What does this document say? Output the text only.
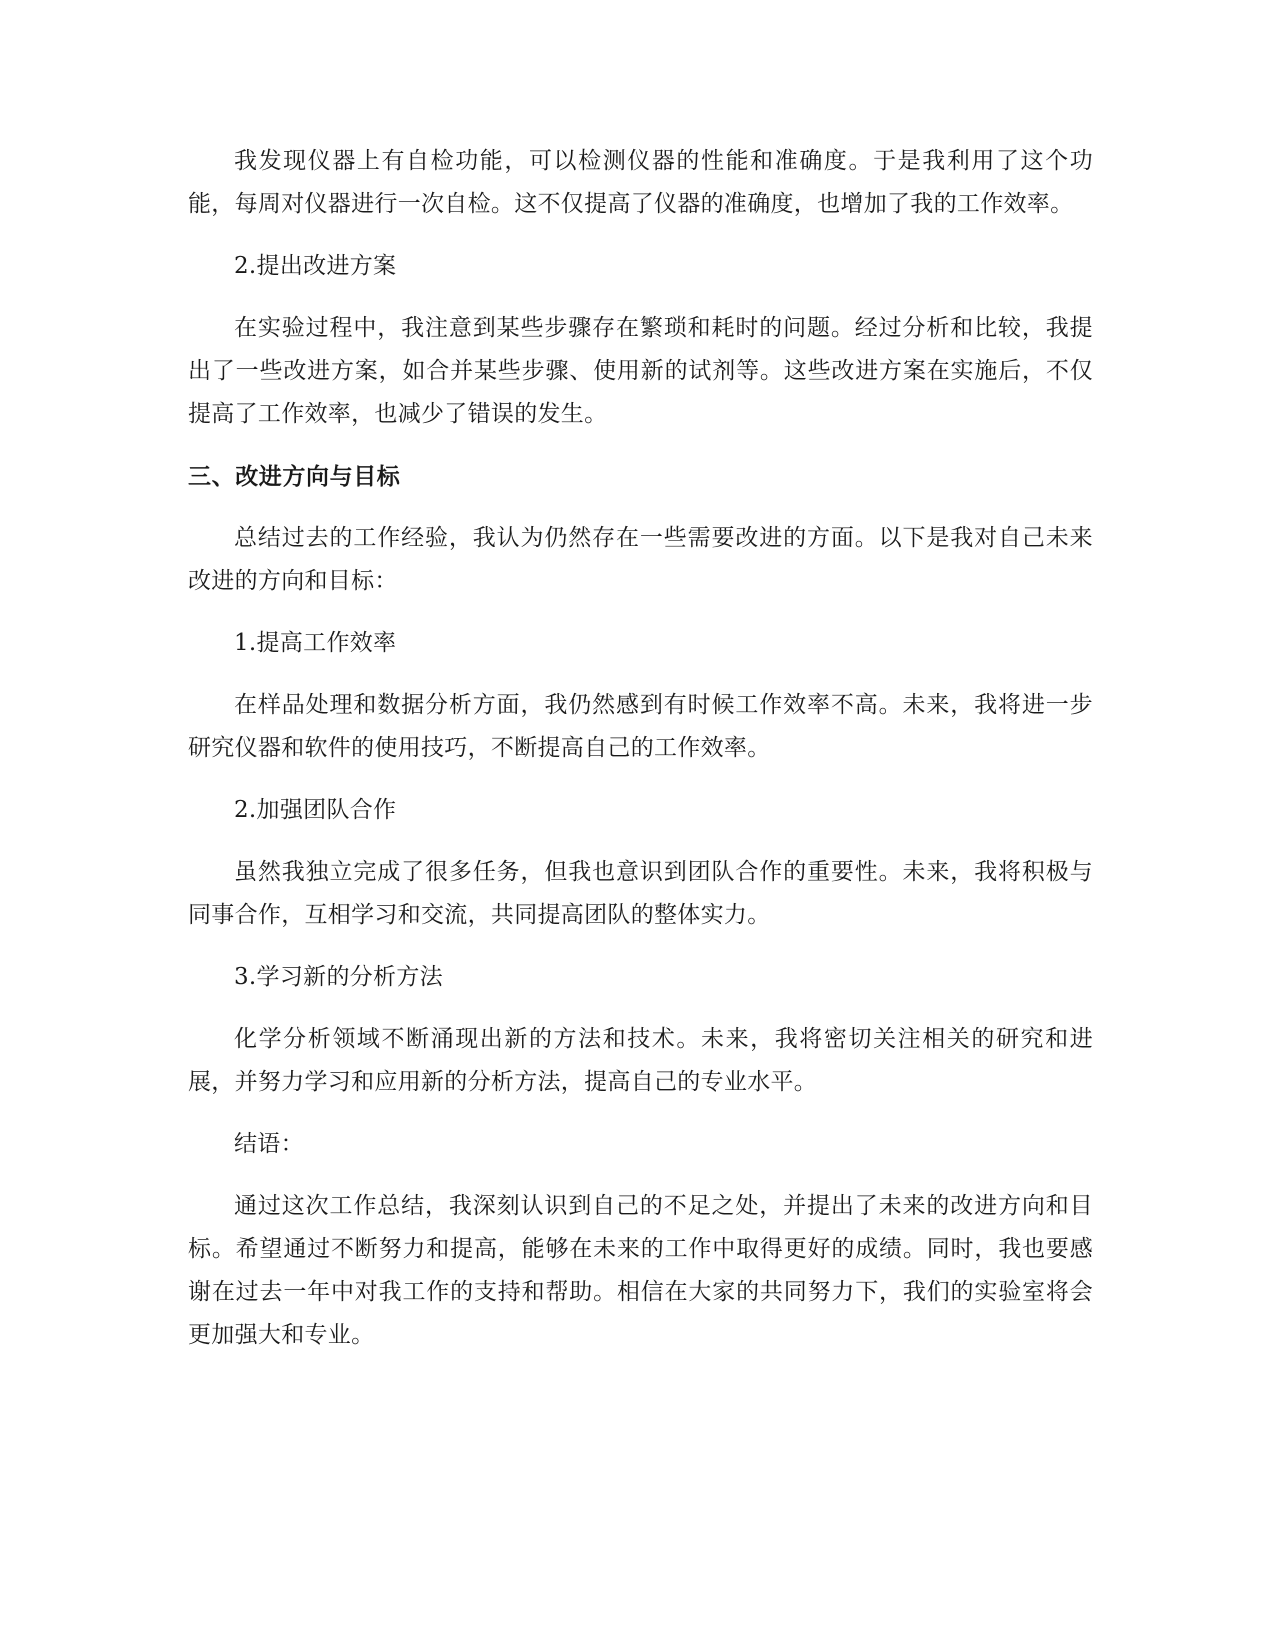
我发现仪器上有自检功能，可以检测仪器的性能和准确度。于是我利用了这个功能，每周对仪器进行一次自检。这不仅提高了仪器的准确度，也增加了我的工作效率。

2.提出改进方案

在实验过程中，我注意到某些步骤存在繁琐和耗时的问题。经过分析和比较，我提出了一些改进方案，如合并某些步骤、使用新的试剂等。这些改进方案在实施后，不仅提高了工作效率，也减少了错误的发生。

三、改进方向与目标

总结过去的工作经验，我认为仍然存在一些需要改进的方面。以下是我对自己未来改进的方向和目标：

1.提高工作效率

在样品处理和数据分析方面，我仍然感到有时候工作效率不高。未来，我将进一步研究仪器和软件的使用技巧，不断提高自己的工作效率。

2.加强团队合作

虽然我独立完成了很多任务，但我也意识到团队合作的重要性。未来，我将积极与同事合作，互相学习和交流，共同提高团队的整体实力。

3.学习新的分析方法

化学分析领域不断涌现出新的方法和技术。未来，我将密切关注相关的研究和进展，并努力学习和应用新的分析方法，提高自己的专业水平。

结语：

通过这次工作总结，我深刻认识到自己的不足之处，并提出了未来的改进方向和目标。希望通过不断努力和提高，能够在未来的工作中取得更好的成绩。同时，我也要感谢在过去一年中对我工作的支持和帮助。相信在大家的共同努力下，我们的实验室将会更加强大和专业。
